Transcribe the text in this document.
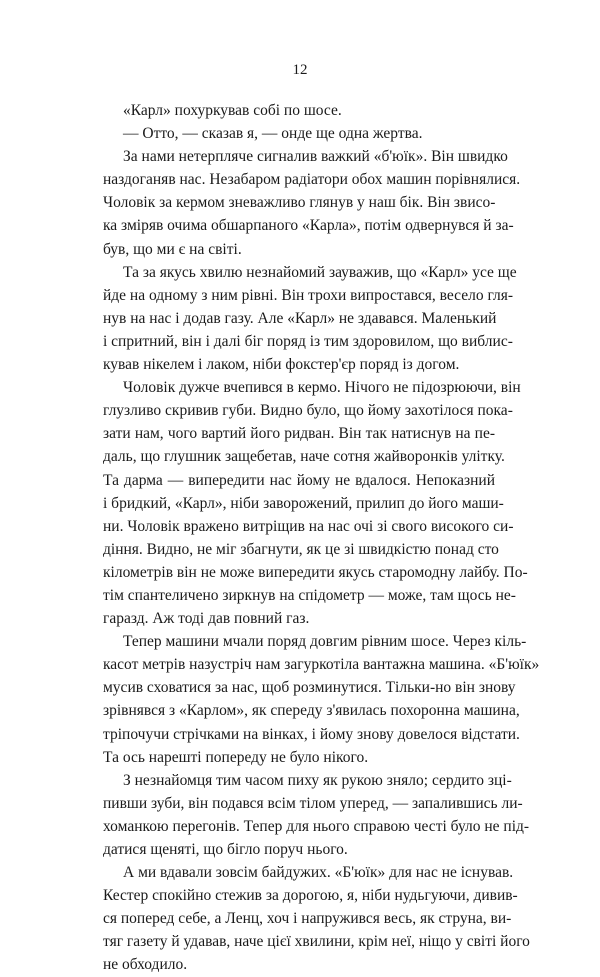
12

«Карл» похуркував собі по шосе.

— Отто, — сказав я, — онде ще одна жертва.

За нами нетерпляче сигналив важкий «б'юїк». Він швидко
наздоганяв нас. Незабаром радіатори обох машин порівнялися.
Чоловік за кермом зневажливо глянув у наш бік. Він звисо-
ка зміряв очима обшарпаного «Карла», потім одвернувся й за-
був, що ми є на світі.

Та за якусь хвилю незнайомий зауважив, що «Карл» усе ще
йде на одному з ним рівні. Він трохи випростався, весело гля-
нув на нас і додав газу. Але «Карл» не здавався. Маленький
і спритний, він і далі біг поряд із тим здоровилом, що виблис-
кував нікелем і лаком, ніби фокстер'єр поряд із догом.

Чоловік дужче вчепився в кермо. Нічого не підозрюючи, він
глузливо скривив губи. Видно було, що йому захотілося пока-
зати нам, чого вартий його ридван. Він так натиснув на пе-
даль, що глушник защебетав, наче сотня жайворонків улітку.
Та дарма — випередити нас йому не вдалося. Непоказний
і бридкий, «Карл», ніби заворожений, прилип до його маши-
ни. Чоловік вражено витріщив на нас очі зі свого високого си-
діння. Видно, не міг збагнути, як це зі швидкістю понад сто
кілометрів він не може випередити якусь старомодну лайбу. По-
тім спантеличено зиркнув на спідометр — може, там щось не-
гаразд. Аж тоді дав повний газ.

Тепер машини мчали поряд довгим рівним шосе. Через кіль-
касот метрів назустріч нам загуркотіла вантажна машина. «Б'юїк»
мусив сховатися за нас, щоб розминутися. Тільки-но він знову
зрівнявся з «Карлом», як спереду з'явилась похоронна машина,
тріпочучи стрічками на вінках, і йому знову довелося відстати.
Та ось нарешті попереду не було нікого.

З незнайомця тим часом пиху як рукою зняло; сердито зці-
пивши зуби, він подався всім тілом уперед, — запалившись ли-
хоманкою перегонів. Тепер для нього справою честі було не під-
датися щеняті, що бігло поруч нього.

А ми вдавали зовсім байдужих. «Б'юїк» для нас не існував.
Кестер спокійно стежив за дорогою, я, ніби нудьгуючи, дивив-
ся поперед себе, а Ленц, хоч і напружився весь, як струна, ви-
тяг газету й удавав, наче цієї хвилини, крім неї, ніщо у світі його
не обходило.
